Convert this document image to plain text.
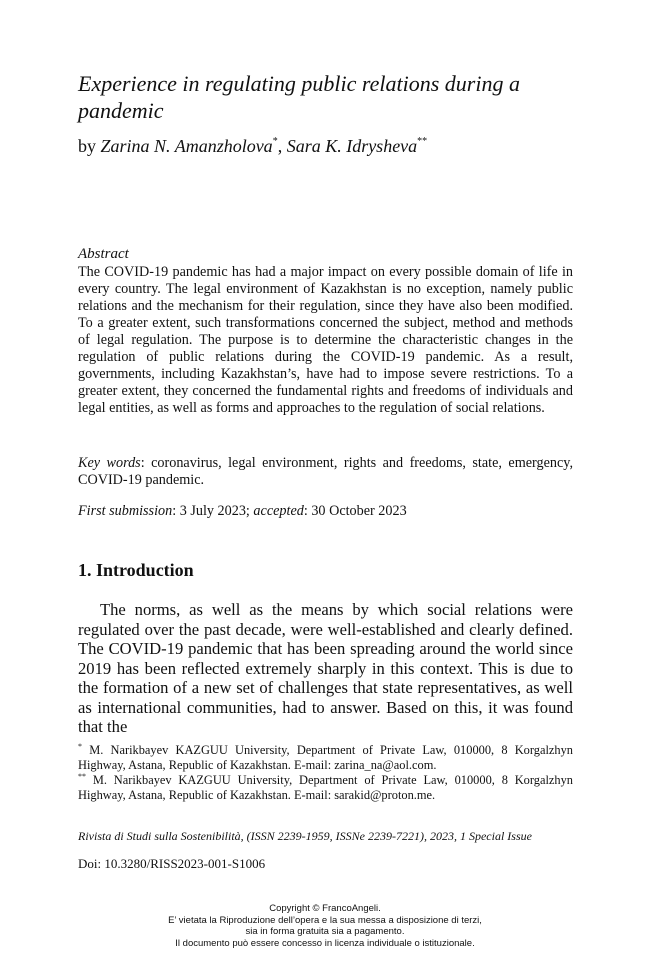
Experience in regulating public relations during a pandemic
by Zarina N. Amanzholova*, Sara K. Idrysheva**
Abstract
The COVID-19 pandemic has had a major impact on every possible domain of life in every country. The legal environment of Kazakhstan is no exception, namely public relations and the mechanism for their regulation, since they have also been modified. To a greater extent, such transformations concerned the subject, method and methods of legal regulation. The purpose is to determine the characteristic changes in the regulation of public relations during the COVID-19 pandemic. As a result, governments, including Kazakhstan’s, have had to impose severe restrictions. To a greater extent, they concerned the fundamental rights and freedoms of individuals and legal entities, as well as forms and approaches to the regulation of social relations.
Key words: coronavirus, legal environment, rights and freedoms, state, emergency, COVID-19 pandemic.
First submission: 3 July 2023; accepted: 30 October 2023
1. Introduction
The norms, as well as the means by which social relations were regulated over the past decade, were well-established and clearly defined. The COVID-19 pandemic that has been spreading around the world since 2019 has been reflected extremely sharply in this context. This is due to the formation of a new set of challenges that state representatives, as well as international communities, had to answer. Based on this, it was found that the
* M. Narikbayev KAZGUU University, Department of Private Law, 010000, 8 Korgalzhyn Highway, Astana, Republic of Kazakhstan. E-mail: zarina_na@aol.com.
** M. Narikbayev KAZGUU University, Department of Private Law, 010000, 8 Korgalzhyn Highway, Astana, Republic of Kazakhstan. E-mail: sarakid@proton.me.
Rivista di Studi sulla Sostenibilità, (ISSN 2239-1959, ISSNe 2239-7221), 2023, 1 Special Issue
Doi: 10.3280/RISS2023-001-S1006
Copyright © FrancoAngeli.
E’ vietata la Riproduzione dell’opera e la sua messa a disposizione di terzi,
sia in forma gratuita sia a pagamento.
Il documento può essere concesso in licenza individuale o istituzionale.
